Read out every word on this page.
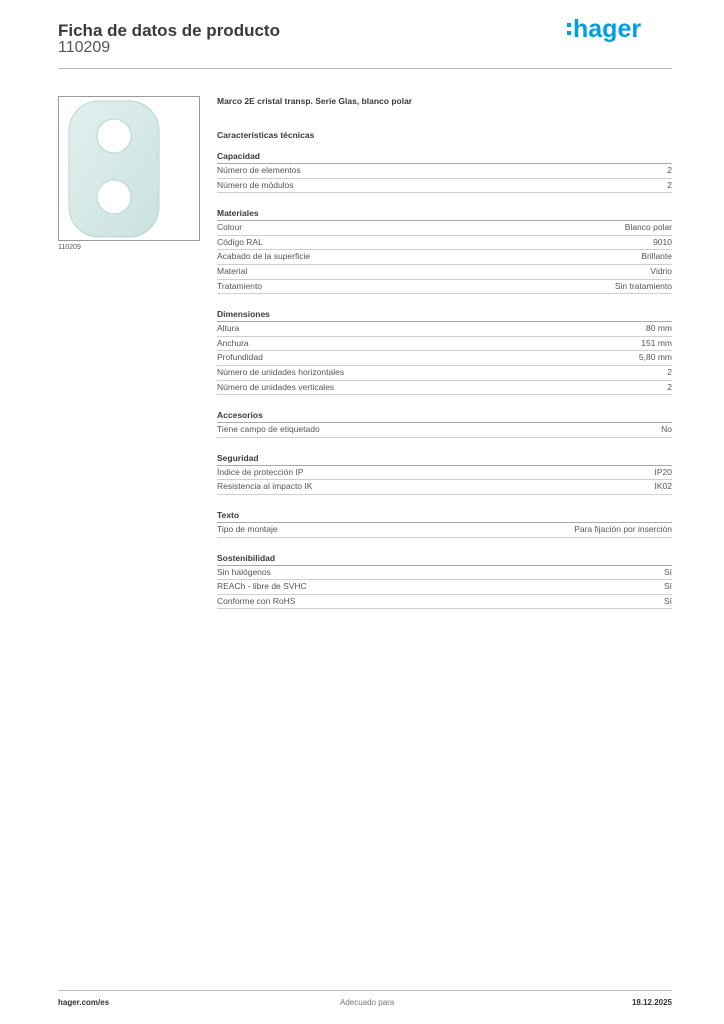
Ficha de datos de producto
110209
hager
110209
Marco 2E cristal transp. Serie Glas, blanco polar
Características técnicas
Capacidad
Número de elementos	2
Número de módulos	2
Materiales
Colour	Blanco polar
Código RAL	9010
Acabado de la superficie	Brillante
Material	Vidrio
Tratamiento	Sin tratamiento
Dimensiones
Altura	80 mm
Anchura	151 mm
Profundidad	5,80 mm
Número de unidades horizontales	2
Número de unidades verticales	2
Accesorios
Tiene campo de etiquetado	No
Seguridad
Índice de protección IP	IP20
Resistencia al impacto IK	IK02
Texto
Tipo de montaje	Para fijación por inserción
Sostenibilidad
Sin halógenos	Sí
REACh - libre de SVHC	Sí
Conforme con RoHS	Sí
hager.com/es	Adecuado para	18.12.2025
